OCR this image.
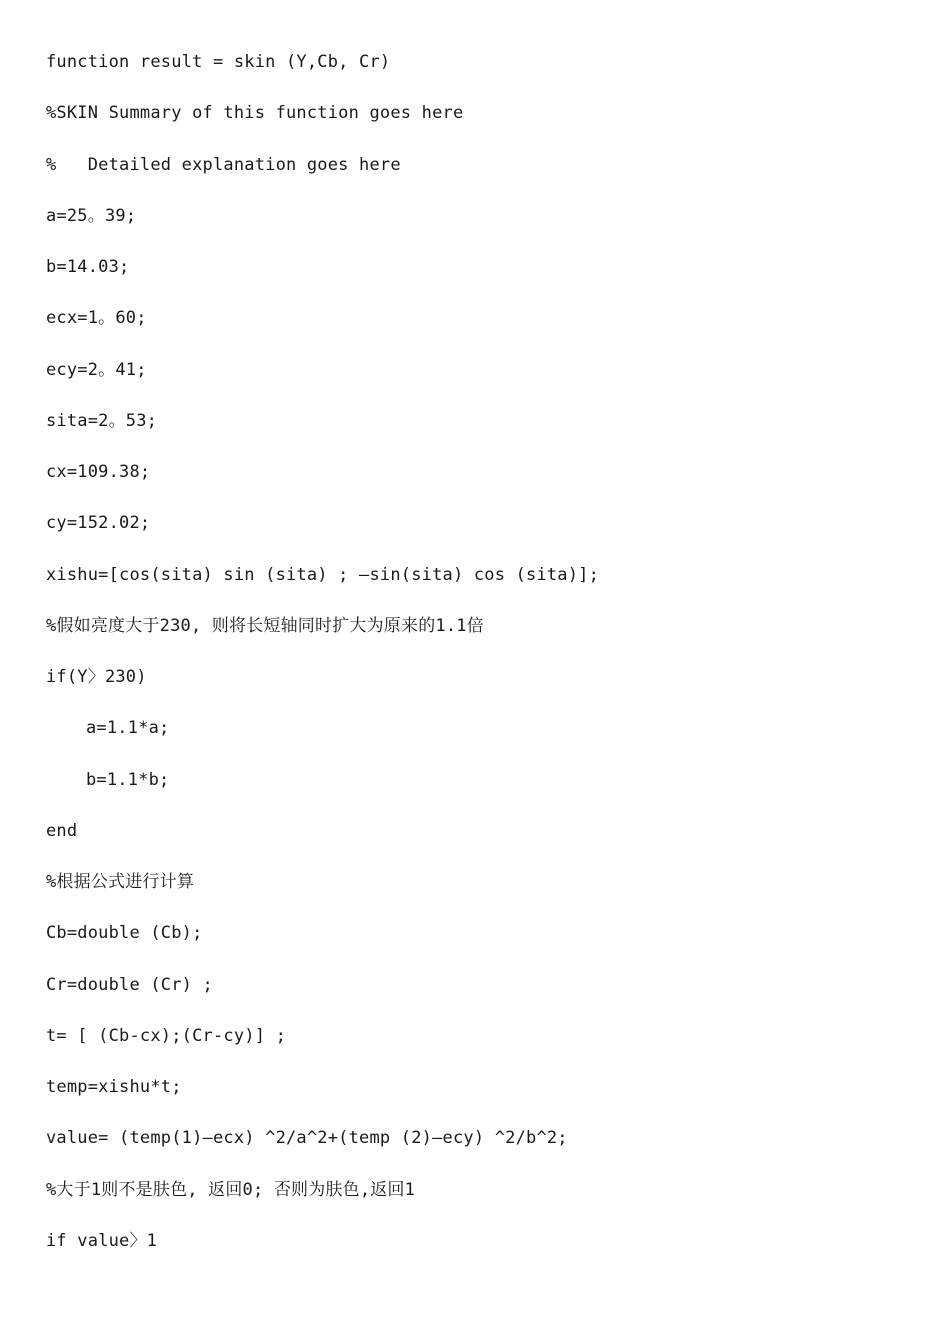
function result = skin (Y,Cb, Cr)

%SKIN Summary of this function goes here

%   Detailed explanation goes here

a=25。39;

b=14.03;

ecx=1。60;

ecy=2。41;

sita=2。53;

cx=109.38;

cy=152.02;

xishu=[cos(sita) sin (sita) ; —sin(sita) cos (sita)];

%假如亮度大于230, 则将长短轴同时扩大为原来的1.1倍

if(Y〉230)

a=1.1*a;

b=1.1*b;

end

%根据公式进行计算

Cb=double (Cb);

Cr=double (Cr) ;

t= [ (Cb-cx);(Cr-cy)] ;

temp=xishu*t;

value= (temp(1)—ecx) ^2/a^2+(temp (2)—ecy) ^2/b^2;

%大于1则不是肤色, 返回0; 否则为肤色,返回1

if value〉1
